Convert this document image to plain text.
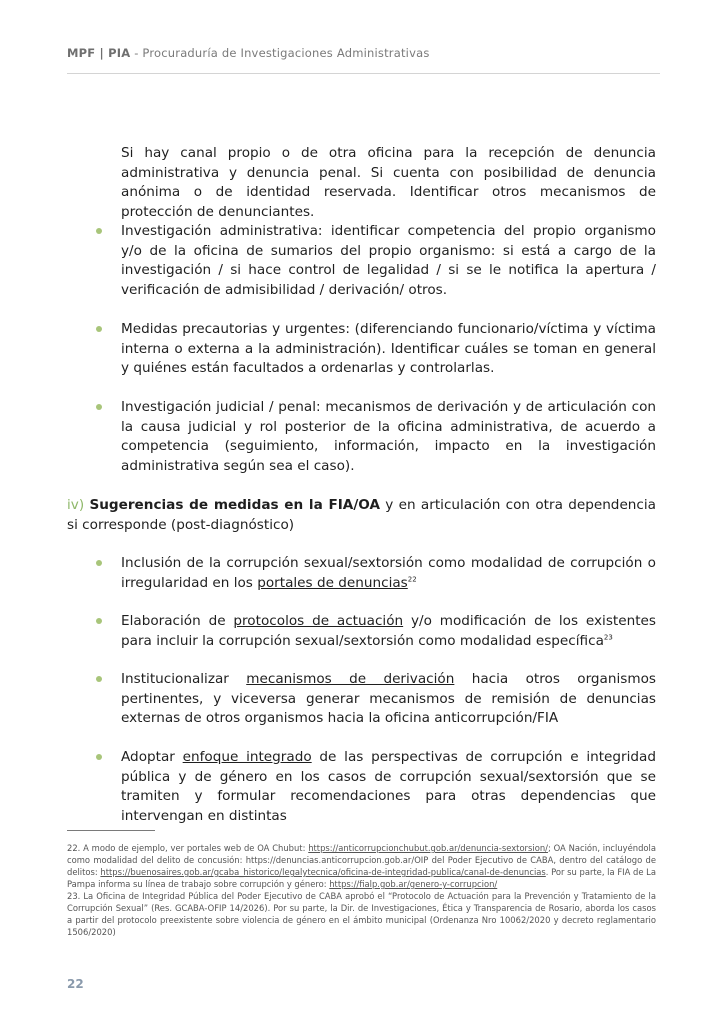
MPF | PIA - Procuraduría de Investigaciones Administrativas

Si hay canal propio o de otra oficina para la recepción de denuncia administrativa y denuncia penal. Si cuenta con posibilidad de denuncia anónima o de identidad reservada. Identificar otros mecanismos de protección de denunciantes.

Investigación administrativa: identificar competencia del propio organismo y/o de la oficina de sumarios del propio organismo: si está a cargo de la investigación / si hace control de legalidad / si se le notifica la apertura / verificación de admisibilidad / derivación/ otros.

Medidas precautorias y urgentes: (diferenciando funcionario/víctima y víctima interna o externa a la administración). Identificar cuáles se toman en general y quiénes están facultados a ordenarlas y controlarlas.

Investigación judicial / penal: mecanismos de derivación y de articulación con la causa judicial y rol posterior de la oficina administrativa, de acuerdo a competencia (seguimiento, información, impacto en la investigación administrativa según sea el caso).

iv) Sugerencias de medidas en la FIA/OA y en articulación con otra dependencia si corresponde (post-diagnóstico)

Inclusión de la corrupción sexual/sextorsión como modalidad de corrupción o irregularidad en los portales de denuncias$^{22}$

Elaboración de protocolos de actuación y/o modificación de los existentes para incluir la corrupción sexual/sextorsión como modalidad específica$^{23}$

Institucionalizar mecanismos de derivación hacia otros organismos pertinentes, y viceversa generar mecanismos de remisión de denuncias externas de otros organismos hacia la oficina anticorrupción/FIA

Adoptar enfoque integrado de las perspectivas de corrupción e integridad pública y de género en los casos de corrupción sexual/sextorsión que se tramiten y formular recomendaciones para otras dependencias que intervengan en distintas

22. A modo de ejemplo, ver portales web de OA Chubut: https://anticorrupcionchubut.gob.ar/denuncia-sextorsion/; OA Nación, incluyéndola como modalidad del delito de concusión: https://denuncias.anticorrupcion.gob.ar/OIP del Poder Ejecutivo de CABA, dentro del catálogo de delitos: https://buenosaires.gob.ar/gcaba_historico/legalytecnica/oficina-de-integridad-publica/canal-de-denuncias. Por su parte, la FIA de La Pampa informa su línea de trabajo sobre corrupción y género: https://fialp.gob.ar/genero-y-corrupcion/

23. La Oficina de Integridad Pública del Poder Ejecutivo de CABA aprobó el “Protocolo de Actuación para la Prevención y Tratamiento de la Corrupción Sexual” (Res. GCABA-OFIP 14/2026). Por su parte, la Dir. de Investigaciones, Ética y Transparencia de Rosario, aborda los casos a partir del protocolo preexistente sobre violencia de género en el ámbito municipal (Ordenanza Nro 10062/2020 y decreto reglamentario 1506/2020)

22
